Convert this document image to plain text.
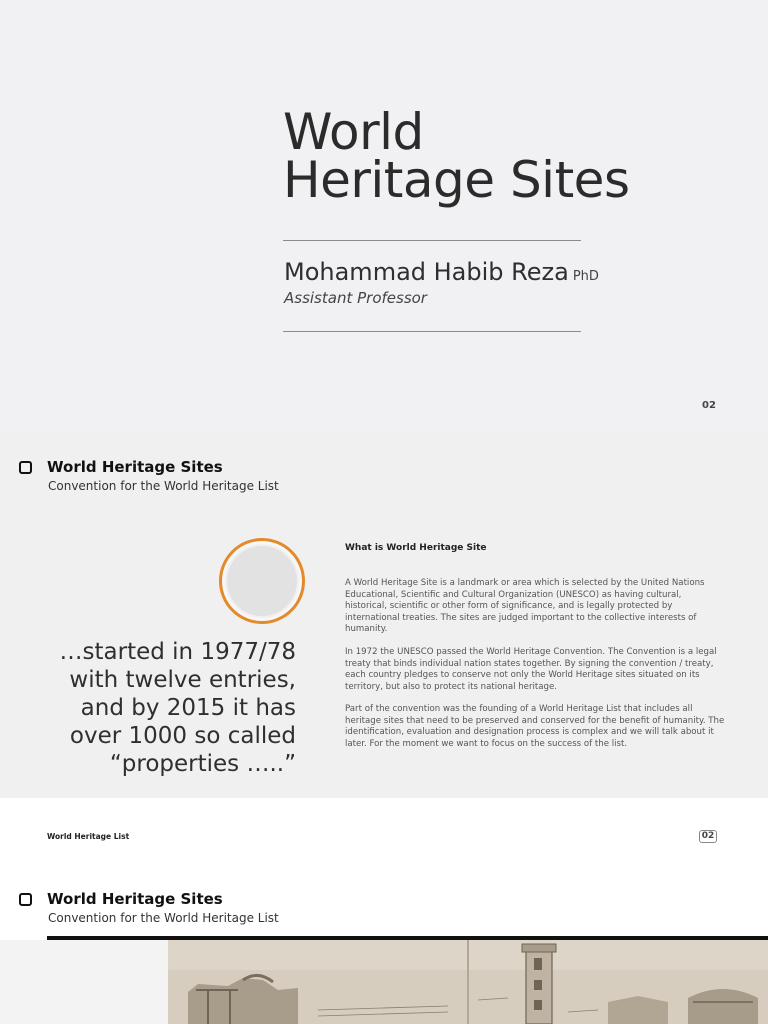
World
Heritage Sites
Mohammad Habib Reza PhD
Assistant Professor
02
World Heritage Sites
Convention for the World Heritage List
…started in 1977/78 with twelve entries, and by 2015 it has over 1000 so called “properties …..”
What is World Heritage Site

A World Heritage Site is a landmark or area which is selected by the United Nations Educational, Scientific and Cultural Organization (UNESCO) as having cultural, historical, scientific or other form of significance, and is legally protected by international treaties. The sites are judged important to the collective interests of humanity.

In 1972 the UNESCO passed the World Heritage Convention. The Convention is a legal treaty that binds individual nation states together. By signing the convention / treaty, each country pledges to conserve not only the World Heritage sites situated on its territory, but also to protect its national heritage.

Part of the convention was the founding of a World Heritage List that includes all heritage sites that need to be preserved and conserved for the benefit of humanity. The identification, evaluation and designation process is complex and we will talk about it later. For the moment we want to focus on the success of the list.

World Heritage List	02
World Heritage Sites
Convention for the World Heritage List
